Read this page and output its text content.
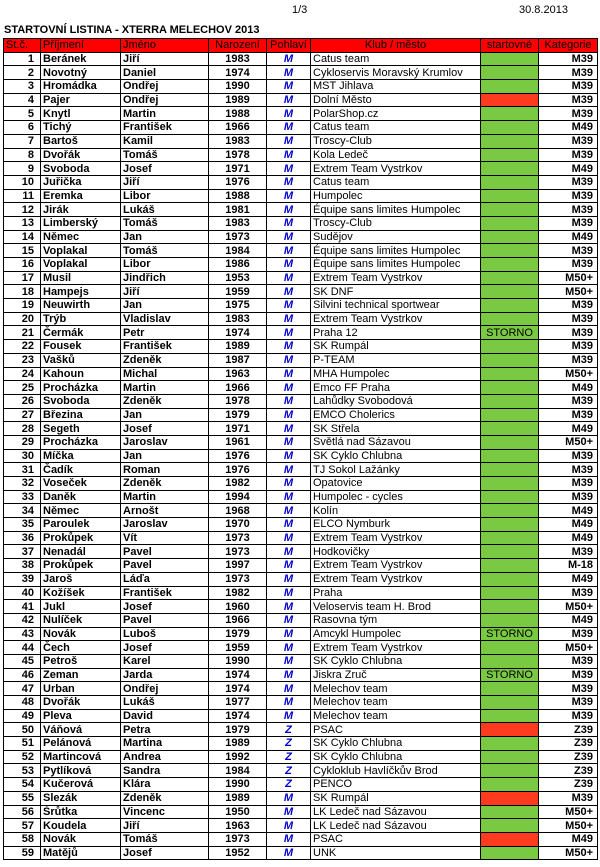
1/3	30.8.2013
STARTOVNÍ LISTINA - XTERRA MELECHOV 2013
St.č.	Příjmení	Jméno	Narození	Pohlaví	Klub / město	startovné	Kategorie
1	Beránek	Jiří	1983	M	Catus team		M39
2	Novotný	Daniel	1974	M	Cykloservis Moravský Krumlov		M39
3	Hromádka	Ondřej	1990	M	MST Jihlava		M39
4	Pajer	Ondřej	1989	M	Dolní Město		M39
5	Knytl	Martin	1988	M	PolarShop.cz		M39
6	Tichý	František	1966	M	Catus team		M49
7	Bartoš	Kamil	1983	M	Troscy-Club		M39
8	Dvořák	Tomáš	1978	M	Kola Ledeč		M39
9	Svoboda	Josef	1971	M	Extrem Team Vystrkov		M49
10	Juřička	Jiří	1976	M	Catus team		M39
11	Eremka	Libor	1988	M	Humpolec		M39
12	Jirák	Lukáš	1981	M	Équipe sans limites Humpolec		M39
13	Limberský	Tomáš	1983	M	Troscy-Club		M39
14	Němec	Jan	1973	M	Sudějov		M49
15	Voplakal	Tomáš	1984	M	Équipe sans limites Humpolec		M39
16	Voplakal	Libor	1986	M	Équipe sans limites Humpolec		M39
17	Musil	Jindřich	1953	M	Extrem Team Vystrkov		M50+
18	Hampejs	Jiří	1959	M	SK DNF		M50+
19	Neuwirth	Jan	1975	M	Silvini technical sportwear		M39
20	Trýb	Vladislav	1983	M	Extrem Team Vystrkov		M39
21	Čermák	Petr	1974	M	Praha 12	STORNO	M39
22	Fousek	František	1989	M	SK Rumpál		M39
23	Vašků	Zdeněk	1987	M	P-TEAM		M39
24	Kahoun	Michal	1963	M	MHA Humpolec		M50+
25	Procházka	Martin	1966	M	Emco FF Praha		M49
26	Svoboda	Zdeněk	1978	M	Lahůdky Svobodová		M39
27	Březina	Jan	1979	M	EMCO Cholerics		M39
28	Segeth	Josef	1971	M	SK Střela		M49
29	Procházka	Jaroslav	1961	M	Světlá nad Sázavou		M50+
30	Míčka	Jan	1976	M	SK Cyklo Chlubna		M39
31	Čadík	Roman	1976	M	TJ Sokol Lažánky		M39
32	Voseček	Zdeněk	1982	M	Opatovice		M39
33	Daněk	Martin	1994	M	Humpolec - cycles		M39
34	Němec	Arnošt	1968	M	Kolín		M49
35	Paroulek	Jaroslav	1970	M	ELCO Nymburk		M49
36	Prokůpek	Vít	1973	M	Extrem Team Vystrkov		M49
37	Nenadál	Pavel	1973	M	Hodkovičky		M39
38	Prokůpek	Pavel	1997	M	Extrem Team Vystrkov		M-18
39	Jaroš	Láďa	1973	M	Extrem Team Vystrkov		M49
40	Kožíšek	František	1982	M	Praha		M39
41	Jukl	Josef	1960	M	Veloservis team H. Brod		M50+
42	Nulíček	Pavel	1966	M	Rasovna tým		M49
43	Novák	Luboš	1979	M	Amcykl Humpolec	STORNO	M39
44	Čech	Josef	1959	M	Extrem Team Vystrkov		M50+
45	Petroš	Karel	1990	M	SK Cyklo Chlubna		M39
46	Zeman	Jarda	1974	M	Jiskra Zruč	STORNO	M39
47	Urban	Ondřej	1974	M	Melechov team		M39
48	Dvořák	Lukáš	1977	M	Melechov team		M39
49	Pleva	David	1974	M	Melechov team		M39
50	Váňová	Petra	1979	Z	PSAC		Z39
51	Pelánová	Martina	1989	Z	SK Cyklo Chlubna		Z39
52	Martincová	Andrea	1992	Z	SK Cyklo Chlubna		Z39
53	Pytlíková	Sandra	1984	Z	Cykloklub Havlíčkův Brod		Z39
54	Kučerová	Klára	1990	Z	PENCO		Z39
55	Slezák	Zdeněk	1989	M	SK Rumpál		M39
56	Šrůtka	Vincenc	1950	M	LK Ledeč nad Sázavou		M50+
57	Koudela	Jiří	1963	M	LK Ledeč nad Sázavou		M50+
58	Novák	Tomáš	1973	M	PSAC		M49
59	Matějů	Josef	1952	M	UNK		M50+
